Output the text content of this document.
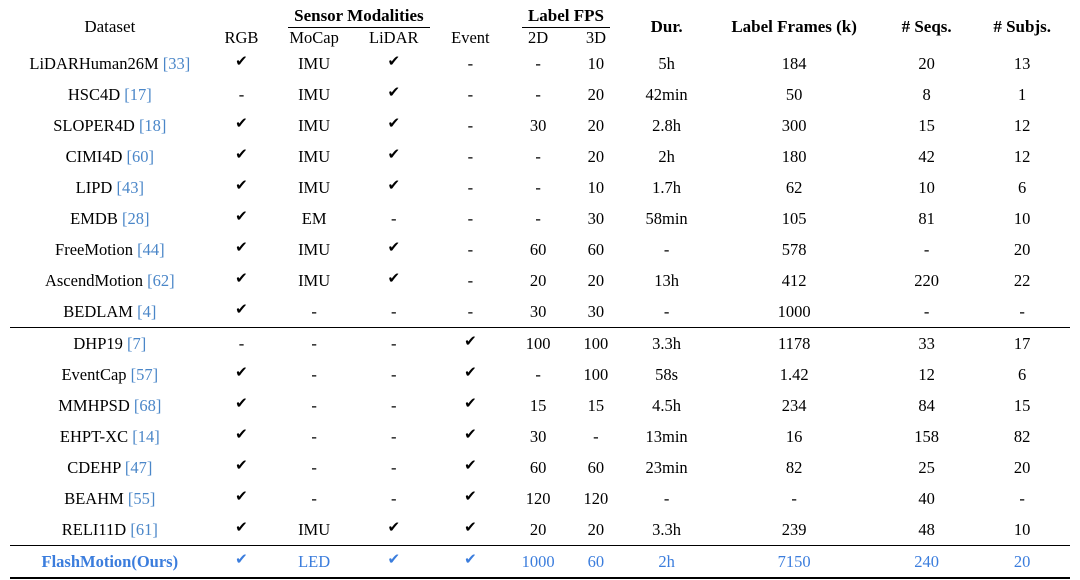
Dataset	Sensor Modalities				Label FPS		Dur.	Label Frames (k)	# Seqs.	# Subjs.
	RGB	MoCap	LiDAR	Event	2D	3D				
LiDARHuman26M [33]	✔	IMU	✔	-	-	10	5h	184	20	13
HSC4D [17]	-	IMU	✔	-	-	20	42min	50	8	1
SLOPER4D [18]	✔	IMU	✔	-	30	20	2.8h	300	15	12
CIMI4D [60]	✔	IMU	✔	-	-	20	2h	180	42	12
LIPD [43]	✔	IMU	✔	-	-	10	1.7h	62	10	6
EMDB [28]	✔	EM	-	-	-	30	58min	105	81	10
FreeMotion [44]	✔	IMU	✔	-	60	60	-	578	-	20
AscendMotion [62]	✔	IMU	✔	-	20	20	13h	412	220	22
BEDLAM [4]	✔	-	-	-	30	30	-	1000	-	-
DHP19 [7]	-	-	-	✔	100	100	3.3h	1178	33	17
EventCap [57]	✔	-	-	✔	-	100	58s	1.42	12	6
MMHPSD [68]	✔	-	-	✔	15	15	4.5h	234	84	15
EHPT-XC [14]	✔	-	-	✔	30	-	13min	16	158	82
CDEHP [47]	✔	-	-	✔	60	60	23min	82	25	20
BEAHM [55]	✔	-	-	✔	120	120	-	-	40	-
RELI11D [61]	✔	IMU	✔	✔	20	20	3.3h	239	48	10
FlashMotion(Ours)	✔	LED	✔	✔	1000	60	2h	7150	240	20
